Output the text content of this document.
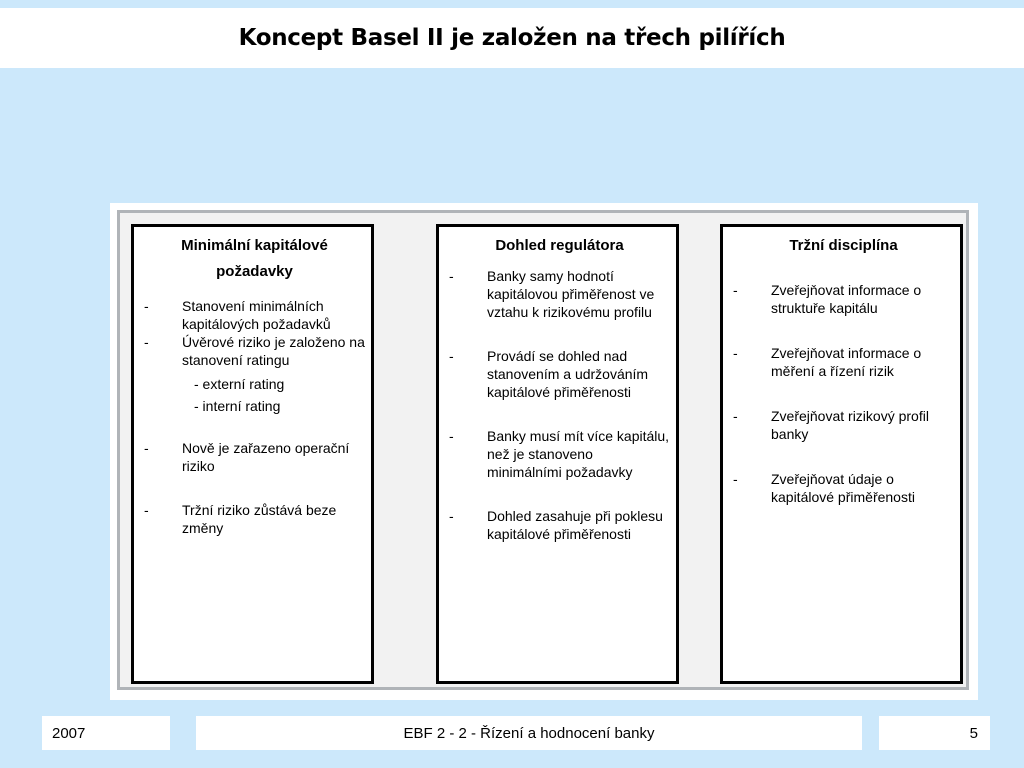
Koncept Basel II je založen na třech pilířích
Minimální kapitálové
požadavky
-	Stanovení minimálních kapitálových požadavků
-	Úvěrové riziko je založeno na stanovení ratingu
- externí rating
- interní rating
-	Nově je zařazeno operační riziko
-	Tržní riziko zůstává beze změny
Dohled regulátora
-	Banky samy hodnotí kapitálovou přiměřenost ve vztahu k rizikovému profilu
-	Provádí se dohled nad stanovením a udržováním kapitálové přiměřenosti
-	Banky musí mít více kapitálu, než je stanoveno minimálními požadavky
-	Dohled zasahuje při poklesu kapitálové přiměřenosti
Tržní disciplína
-	Zveřejňovat informace o struktuře kapitálu
-	Zveřejňovat informace o měření a řízení rizik
-	Zveřejňovat rizikový profil banky
-	Zveřejňovat údaje o kapitálové přiměřenosti
2007	EBF 2 - 2 - Řízení a hodnocení banky	5
